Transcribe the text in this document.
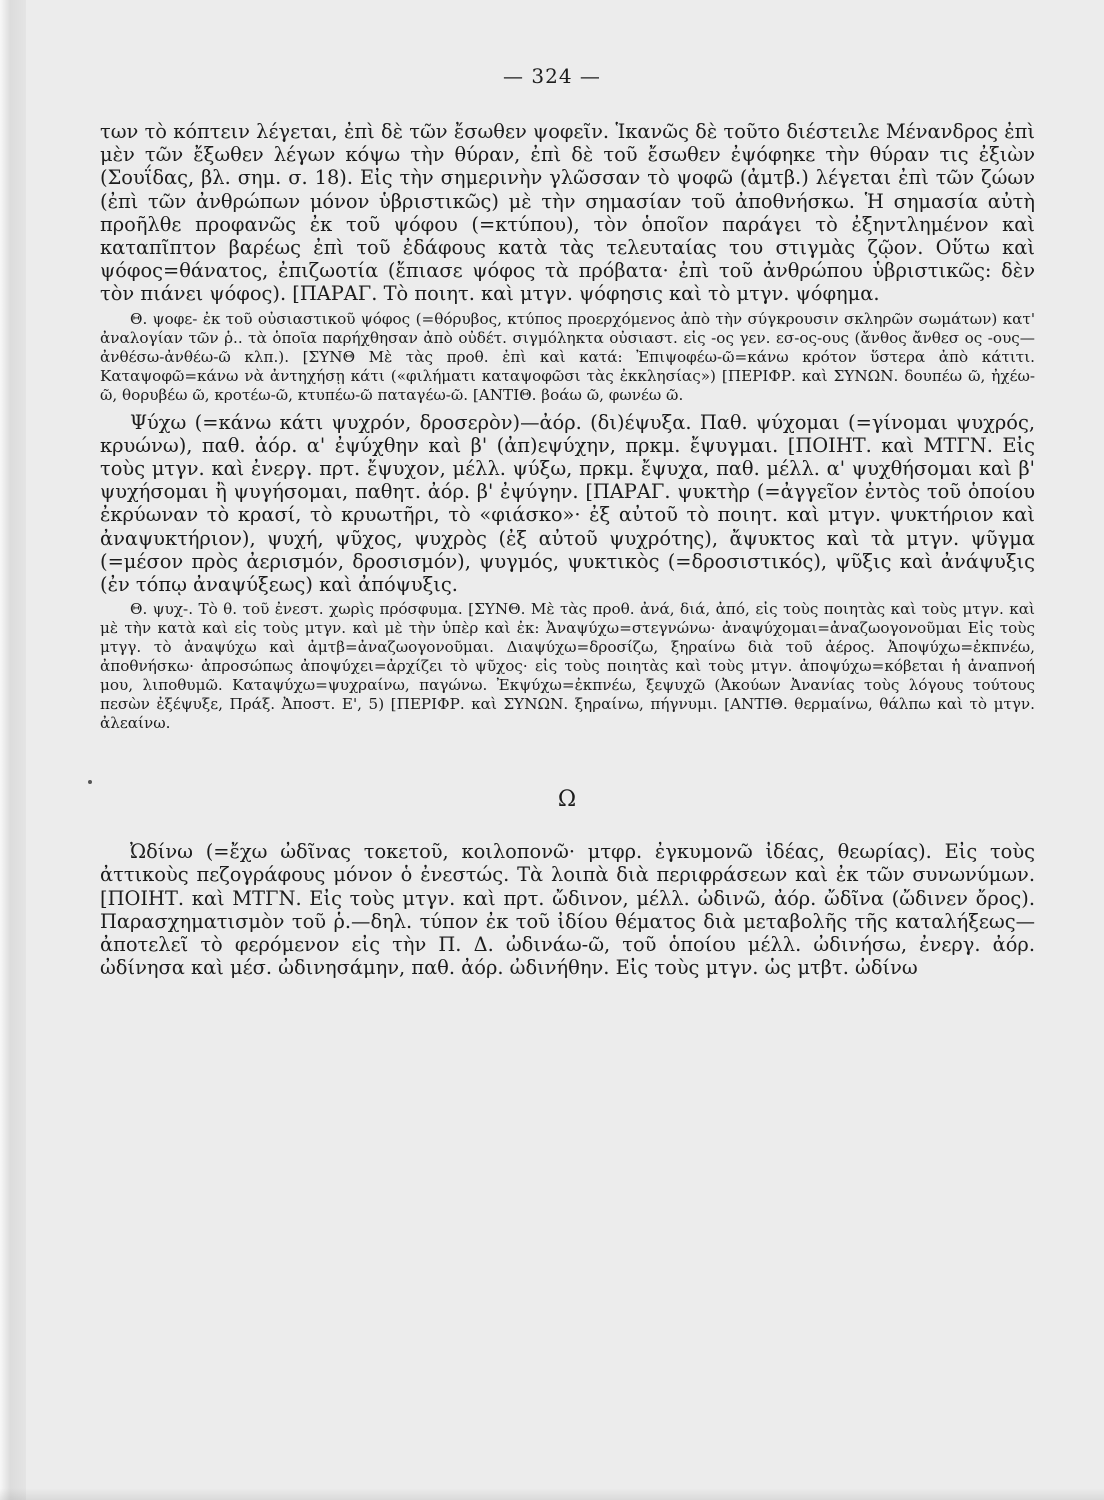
— 324 —

των τὸ κόπτειν λέγεται, ἐπὶ δὲ τῶν ἔσωθεν ψοφεῖν. Ἱκανῶς δὲ τοῦτο διέστειλε Μένανδρος ἐπὶ μὲν τῶν ἔξωθεν λέγων κόψω τὴν θύραν, ἐπὶ δὲ τοῦ ἔσωθεν ἐψόφηκε τὴν θύραν τις ἐξιὼν (Σουΐδας, βλ. σημ. σ. 18). Εἰς τὴν σημερινὴν γλῶσσαν τὸ ψοφῶ (ἀμτβ.) λέγεται ἐπὶ τῶν ζώων (ἐπὶ τῶν ἀνθρώπων μόνον ὑβριστικῶς) μὲ τὴν σημασίαν τοῦ ἀποθνήσκω. Ἡ σημασία αὐτὴ προῆλθε προφανῶς ἐκ τοῦ ψόφου (=κτύπου), τὸν ὁποῖον παράγει τὸ ἐξηντλημένον καὶ καταπῖπτον βαρέως ἐπὶ τοῦ ἐδάφους κατὰ τὰς τελευταίας του στιγμὰς ζῷον. Οὕτω καὶ ψόφος=θάνατος, ἐπιζωοτία (ἔπιασε ψόφος τὰ πρόβατα· ἐπὶ τοῦ ἀνθρώπου ὑβριστικῶς: δὲν τὸν πιάνει ψόφος). [ΠΑΡΑΓ. Τὸ ποιητ. καὶ μτγν. ψόφησις καὶ τὸ μτγν. ψόφημα.

Θ. ψοφε- ἐκ τοῦ οὐσιαστικοῦ ψόφος (=θόρυβος, κτύπος προερχόμενος ἀπὸ τὴν σύγκρουσιν σκληρῶν σωμάτων) κατ' ἀναλογίαν τῶν ῥ.. τὰ ὁποῖα παρήχθησαν ἀπὸ οὐδέτ. σιγμόληκτα οὐσιαστ. εἰς -ος γεν. εσ-ος-ους (ἄνθος ἄνθεσ ος -ους—ἀνθέσω-ἀνθέω-ῶ κλπ.). [ΣΥΝΘ Μὲ τὰς προθ. ἐπὶ καὶ κατά: Ἐπιψοφέω-ῶ=κάνω κρότον ὕστερα ἀπὸ κάτιτι. Καταψοφῶ=κάνω νὰ ἀντηχήσῃ κάτι («φιλήματι καταψοφῶσι τὰς ἐκκλησίας») [ΠΕΡΙΦΡ. καὶ ΣΥΝΩΝ. δουπέω ῶ, ἠχέω-ῶ, θορυβέω ῶ, κροτέω-ῶ, κτυπέω-ῶ παταγέω-ῶ. [ΑΝΤΙΘ. βοάω ῶ, φωνέω ῶ.

Ψύχω (=κάνω κάτι ψυχρόν, δροσερὸν)—ἀόρ. (δι)έψυξα. Παθ. ψύχομαι (=γίνομαι ψυχρός, κρυώνω), παθ. ἀόρ. α' ἐψύχθην καὶ β' (ἀπ)εψύχην, πρκμ. ἔψυγμαι. [ΠΟΙΗΤ. καὶ ΜΤΓΝ. Εἰς τοὺς μτγν. καὶ ἐνεργ. πρτ. ἔψυχον, μέλλ. ψύξω, πρκμ. ἔψυχα, παθ. μέλλ. α' ψυχθήσομαι καὶ β' ψυχήσομαι ἢ ψυγήσομαι, παθητ. ἀόρ. β' ἐψύγην. [ΠΑΡΑΓ. ψυκτὴρ (=ἀγγεῖον ἐντὸς τοῦ ὁποίου ἐκρύωναν τὸ κρασί, τὸ κρυωτῆρι, τὸ «φιάσκο»· ἐξ αὐτοῦ τὸ ποιητ. καὶ μτγν. ψυκτήριον καὶ ἀναψυκτήριον), ψυχή, ψῦχος, ψυχρὸς (ἐξ αὐτοῦ ψυχρότης), ἄψυκτος καὶ τὰ μτγν. ψῦγμα (=μέσον πρὸς ἀερισμόν, δροσισμόν), ψυγμός, ψυκτικὸς (=δροσιστικός), ψῦξις καὶ ἀνάψυξις (ἐν τόπῳ ἀναψύξεως) καὶ ἀπόψυξις.

Θ. ψυχ-. Τὸ θ. τοῦ ἐνεστ. χωρὶς πρόσφυμα. [ΣΥΝΘ. Μὲ τὰς προθ. ἀνά, διά, ἀπό, εἰς τοὺς ποιητὰς καὶ τοὺς μτγν. καὶ μὲ τὴν κατὰ καὶ εἰς τοὺς μτγν. καὶ μὲ τὴν ὑπὲρ καὶ ἐκ: Ἀναψύχω=στεγνώνω· ἀναψύχομαι=ἀναζωογονοῦμαι Εἰς τοὺς μτγγ. τὸ ἀναψύχω καὶ ἀμτβ=ἀναζωογονοῦμαι. Διαψύχω=δροσίζω, ξηραίνω διὰ τοῦ ἀέρος. Ἀποψύχω=ἐκπνέω, ἀποθνήσκω· ἀπροσώπως ἀποψύχει=ἀρχίζει τὸ ψῦχος· εἰς τοὺς ποιητὰς καὶ τοὺς μτγν. ἀποψύχω=κόβεται ἡ ἀναπνοή μου, λιποθυμῶ. Καταψύχω=ψυχραίνω, παγώνω. Ἐκψύχω=ἐκπνέω, ξεψυχῶ (Ἀκούων Ἀνανίας τοὺς λόγους τούτους πεσὼν ἐξέψυξε, Πράξ. Ἀποστ. Ε', 5) [ΠΕΡΙΦΡ. καὶ ΣΥΝΩΝ. ξηραίνω, πήγνυμι. [ΑΝΤΙΘ. θερμαίνω, θάλπω καὶ τὸ μτγν. ἀλεαίνω.

Ω

Ὠδίνω (=ἔχω ὠδῖνας τοκετοῦ, κοιλοπονῶ· μτφρ. ἐγκυμονῶ ἰδέας, θεωρίας). Εἰς τοὺς ἀττικοὺς πεζογράφους μόνον ὁ ἐνεστώς. Τὰ λοιπὰ διὰ περιφράσεων καὶ ἐκ τῶν συνωνύμων. [ΠΟΙΗΤ. καὶ ΜΤΓΝ. Εἰς τοὺς μτγν. καὶ πρτ. ὤδινον, μέλλ. ὠδινῶ, ἀόρ. ὤδῖνα (ὤδινεν ὄρος). Παρασχηματισμὸν τοῦ ῥ.—δηλ. τύπον ἐκ τοῦ ἰδίου θέματος διὰ μεταβολῆς τῆς καταλήξεως—ἀποτελεῖ τὸ φερόμενον εἰς τὴν Π. Δ. ὠδινάω-ῶ, τοῦ ὁποίου μέλλ. ὠδινήσω, ἐνεργ. ἀόρ. ὠδίνησα καὶ μέσ. ὠδινησάμην, παθ. ἀόρ. ὠδινήθην. Εἰς τοὺς μτγν. ὡς μτβτ. ὠδίνω
